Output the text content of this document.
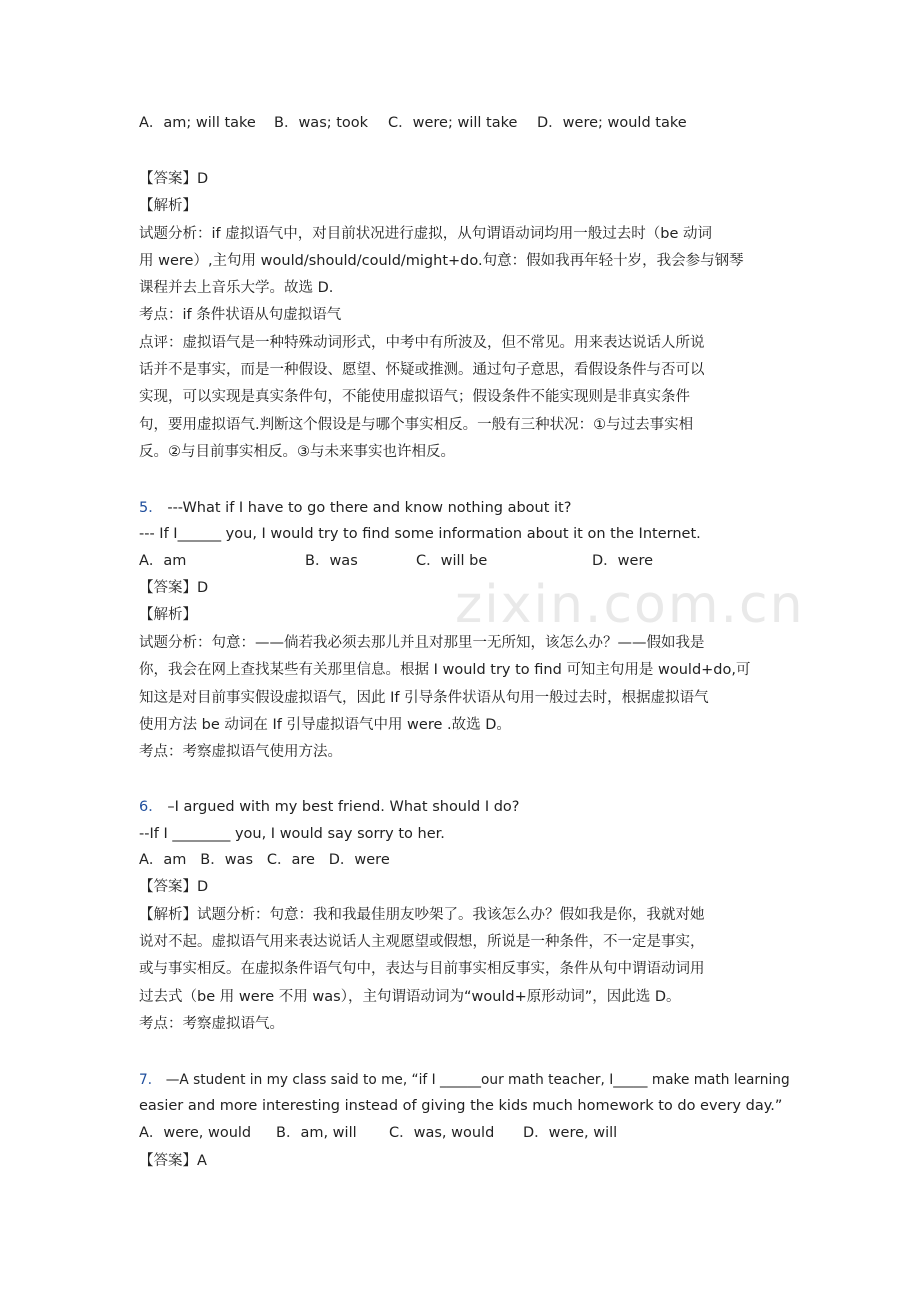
zixin.com.cn
A．am; will take B．was; took C．were; will take D．were; would take
【答案】D
【解析】
试题分析：if 虚拟语气中，对目前状况进行虚拟，从句谓语动词均用一般过去时（be 动词
用 were）,主句用 would/should/could/might+do.句意：假如我再年轻十岁，我会参与钢琴
课程并去上音乐大学。故选 D.
考点：if 条件状语从句虚拟语气
点评：虚拟语气是一种特殊动词形式，中考中有所波及，但不常见。用来表达说话人所说
话并不是事实，而是一种假设、愿望、怀疑或推测。通过句子意思，看假设条件与否可以
实现，可以实现是真实条件句，不能使用虚拟语气；假设条件不能实现则是非真实条件
句，要用虚拟语气.判断这个假设是与哪个事实相反。一般有三种状况：①与过去事实相
反。②与目前事实相反。③与未来事实也许相反。
5． ---What if I have to go there and know nothing about it?
--- If I______ you, I would try to find some information about it on the Internet.
A．am	B．was	C．will be	D．were
【答案】D
【解析】
试题分析：句意：——倘若我必须去那儿并且对那里一无所知，该怎么办？——假如我是
你，我会在网上查找某些有关那里信息。根据 I would try to find 可知主句用是 would+do,可
知这是对目前事实假设虚拟语气，因此 If 引导条件状语从句用一般过去时，根据虚拟语气
使用方法 be 动词在 If 引导虚拟语气中用 were .故选 D。
考点：考察虚拟语气使用方法。
6． –I argued with my best friend. What should I do?
--If I ________ you, I would say sorry to her.
A．am   B．was   C．are   D．were
【答案】D
【解析】试题分析：句意：我和我最佳朋友吵架了。我该怎么办？假如我是你，我就对她
说对不起。虚拟语气用来表达说话人主观愿望或假想，所说是一种条件，不一定是事实，
或与事实相反。在虚拟条件语气句中，表达与目前事实相反事实，条件从句中谓语动词用
过去式（be 用 were 不用 was），主句谓语动词为“would+原形动词”，因此选 D。
考点：考察虚拟语气。
7． —A student in my class said to me, “if I ______our math teacher, I_____ make math learning
easier and more interesting instead of giving the kids much homework to do every day.”
A．were, would B．am, will C．was, would D．were, will
【答案】A
